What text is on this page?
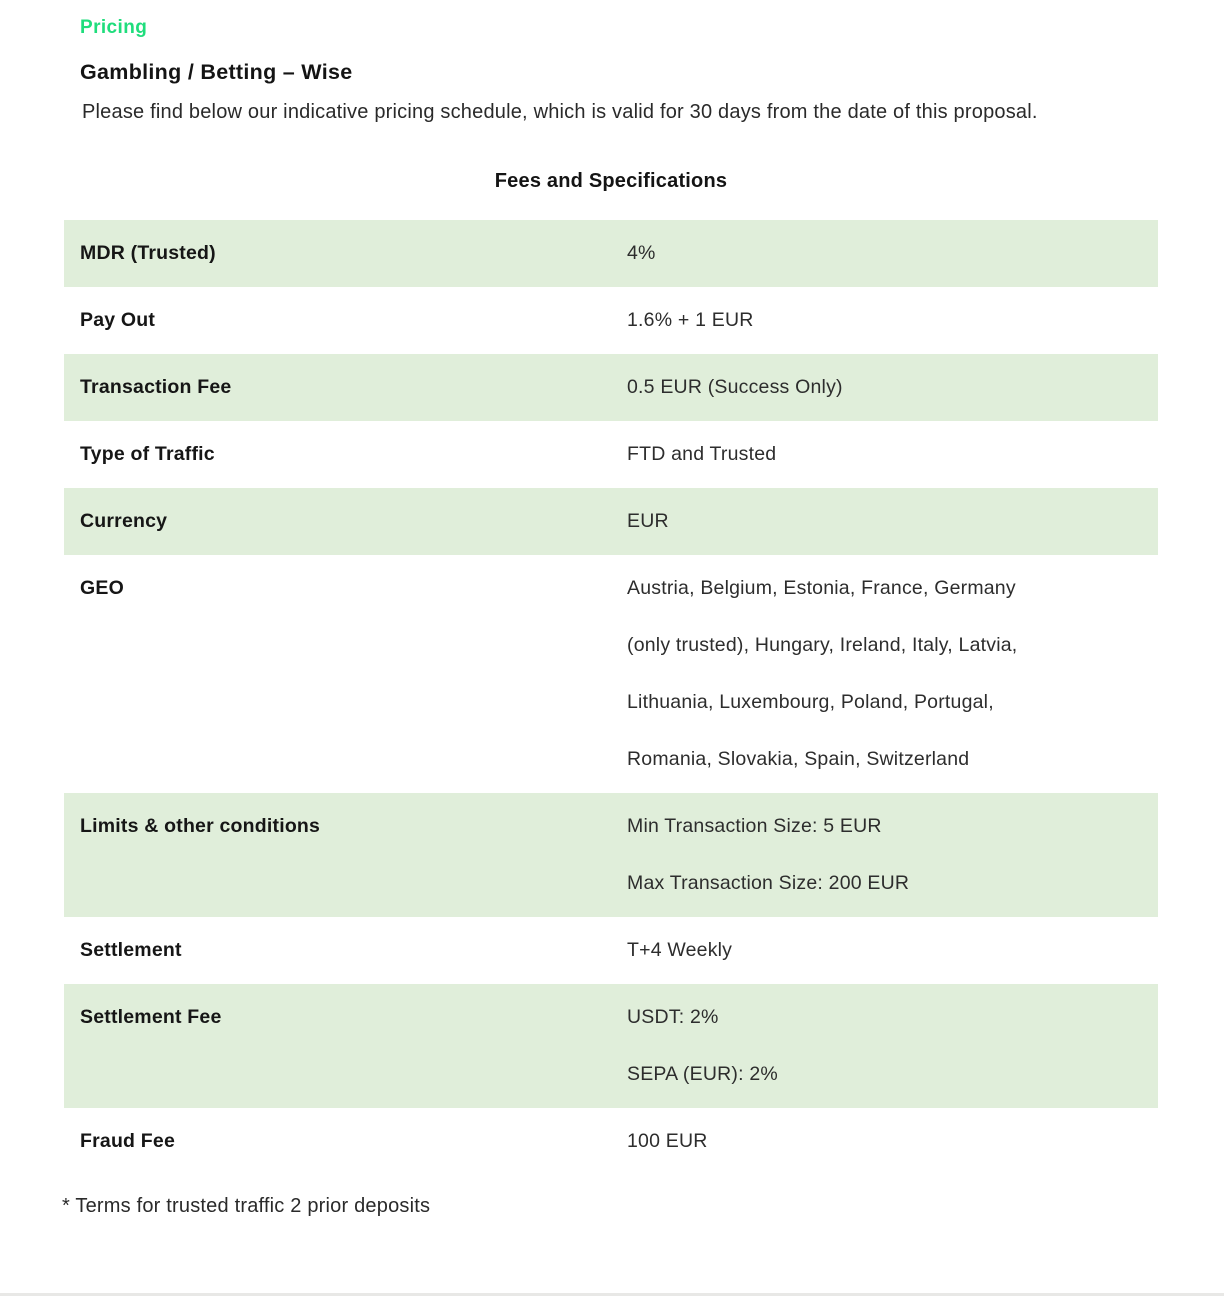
Pricing
Gambling / Betting – Wise

Please find below our indicative pricing schedule, which is valid for 30 days from the date of this proposal.

Fees and Specifications
MDR (Trusted)	4%

Pay Out	1.6% + 1 EUR

Transaction Fee	0.5 EUR (Success Only)

Type of Traffic	FTD and Trusted

Currency	EUR

GEO	Austria, Belgium, Estonia, France, Germany

(only trusted), Hungary, Ireland, Italy, Latvia,

Lithuania, Luxembourg, Poland, Portugal,

Romania, Slovakia, Spain, Switzerland

Limits & other conditions	Min Transaction Size: 5 EUR

Max Transaction Size: 200 EUR

Settlement	T+4 Weekly

Settlement Fee	USDT: 2%

SEPA (EUR): 2%

Fraud Fee	100 EUR

* Terms for trusted traffic 2 prior deposits
